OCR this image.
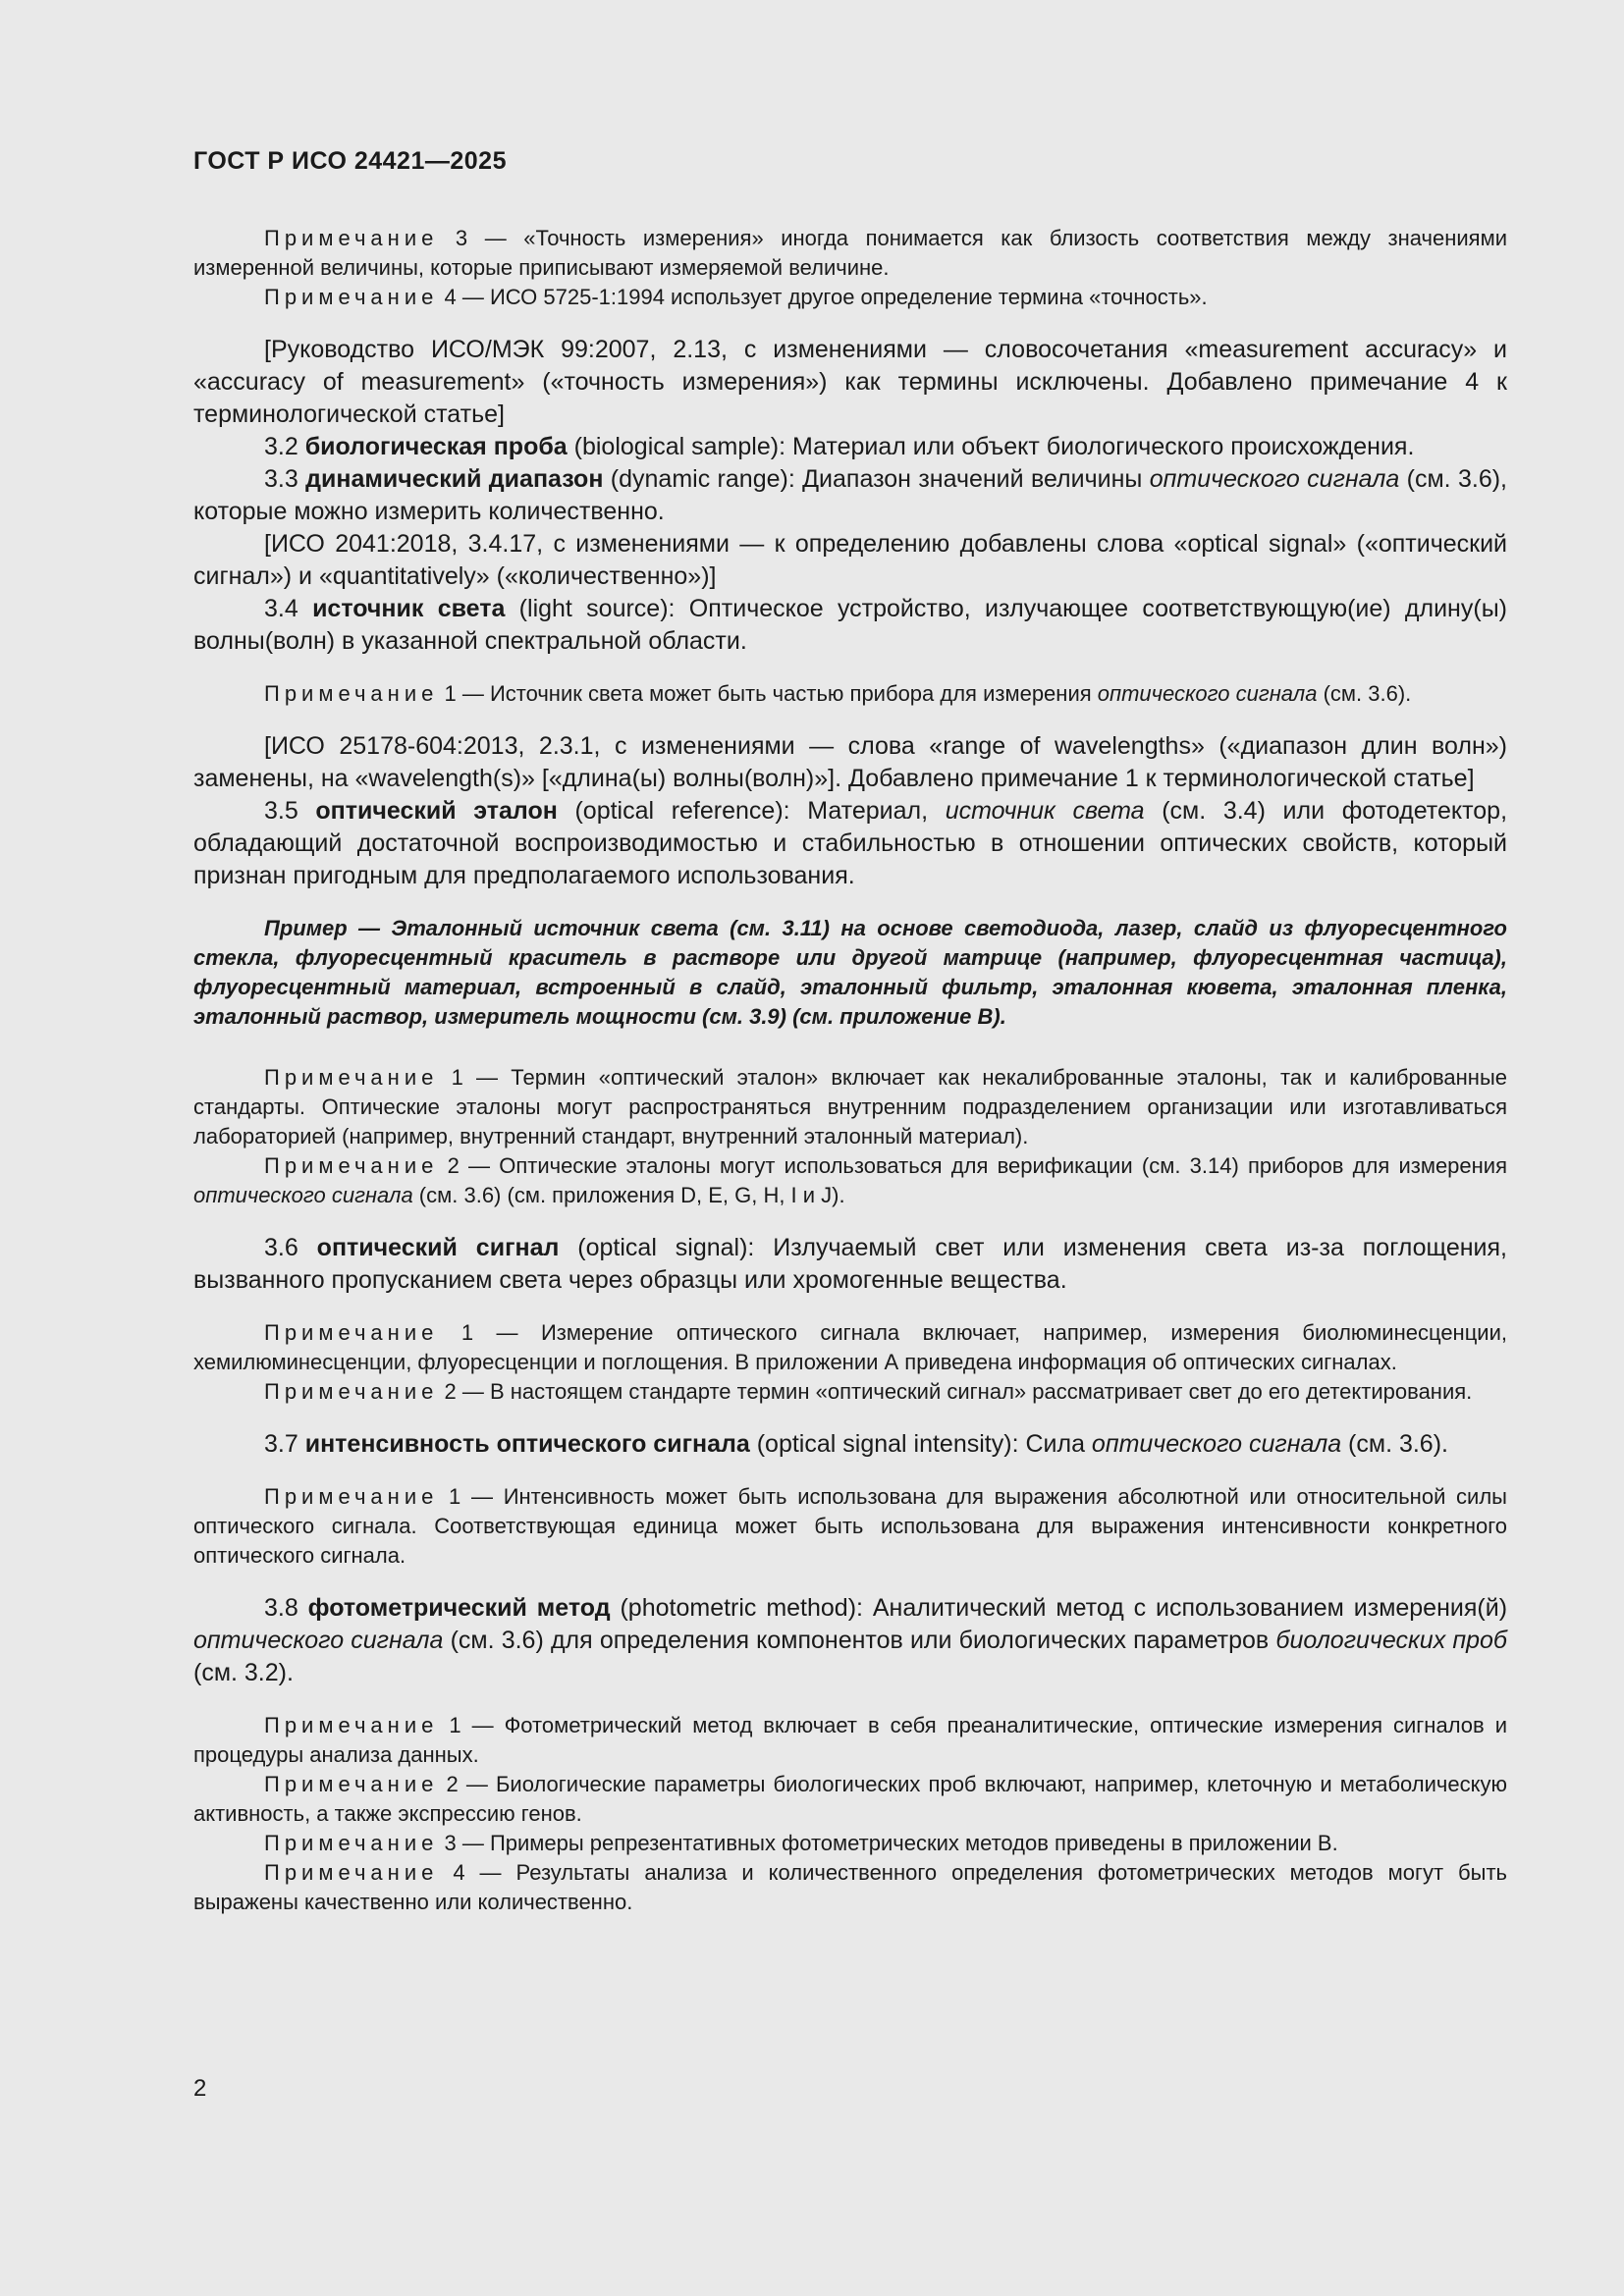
ГОСТ Р ИСО 24421—2025

Примечание 3 — «Точность измерения» иногда понимается как близость соответствия между значениями измеренной величины, которые приписывают измеряемой величине.

Примечание 4 — ИСО 5725-1:1994 использует другое определение термина «точность».

[Руководство ИСО/МЭК 99:2007, 2.13, с изменениями — словосочетания «measurement accuracy» и «accuracy of measurement» («точность измерения») как термины исключены. Добавлено примечание 4 к терминологической статье]

3.2 биологическая проба (biological sample): Материал или объект биологического происхождения.

3.3 динамический диапазон (dynamic range): Диапазон значений величины оптического сигнала (см. 3.6), которые можно измерить количественно.

[ИСО 2041:2018, 3.4.17, с изменениями — к определению добавлены слова «optical signal» («оптический сигнал») и «quantitatively» («количественно»)]

3.4 источник света (light source): Оптическое устройство, излучающее соответствующую(ие) длину(ы) волны(волн) в указанной спектральной области.

Примечание 1 — Источник света может быть частью прибора для измерения оптического сигнала (см. 3.6).

[ИСО 25178-604:2013, 2.3.1, с изменениями — слова «range of wavelengths» («диапазон длин волн») заменены, на «wavelength(s)» [«длина(ы) волны(волн)»]. Добавлено примечание 1 к терминологической статье]

3.5 оптический эталон (optical reference): Материал, источник света (см. 3.4) или фотодетектор, обладающий достаточной воспроизводимостью и стабильностью в отношении оптических свойств, который признан пригодным для предполагаемого использования.

Пример — Эталонный источник света (см. 3.11) на основе светодиода, лазер, слайд из флуоресцентного стекла, флуоресцентный краситель в растворе или другой матрице (например, флуоресцентная частица), флуоресцентный материал, встроенный в слайд, эталонный фильтр, эталонная кювета, эталонная пленка, эталонный раствор, измеритель мощности (см. 3.9) (см. приложение В).

Примечание 1 — Термин «оптический эталон» включает как некалиброванные эталоны, так и калиброванные стандарты. Оптические эталоны могут распространяться внутренним подразделением организации или изготавливаться лабораторией (например, внутренний стандарт, внутренний эталонный материал).

Примечание 2 — Оптические эталоны могут использоваться для верификации (см. 3.14) приборов для измерения оптического сигнала (см. 3.6) (см. приложения D, E, G, H, I и J).

3.6 оптический сигнал (optical signal): Излучаемый свет или изменения света из-за поглощения, вызванного пропусканием света через образцы или хромогенные вещества.

Примечание 1 — Измерение оптического сигнала включает, например, измерения биолюминесценции, хемилюминесценции, флуоресценции и поглощения. В приложении А приведена информация об оптических сигналах.

Примечание 2 — В настоящем стандарте термин «оптический сигнал» рассматривает свет до его детектирования.

3.7 интенсивность оптического сигнала (optical signal intensity): Сила оптического сигнала (см. 3.6).

Примечание 1 — Интенсивность может быть использована для выражения абсолютной или относительной силы оптического сигнала. Соответствующая единица может быть использована для выражения интенсивности конкретного оптического сигнала.

3.8 фотометрический метод (photometric method): Аналитический метод с использованием измерения(й) оптического сигнала (см. 3.6) для определения компонентов или биологических параметров биологических проб (см. 3.2).

Примечание 1 — Фотометрический метод включает в себя преаналитические, оптические измерения сигналов и процедуры анализа данных.

Примечание 2 — Биологические параметры биологических проб включают, например, клеточную и метаболическую активность, а также экспрессию генов.

Примечание 3 — Примеры репрезентативных фотометрических методов приведены в приложении В.

Примечание 4 — Результаты анализа и количественного определения фотометрических методов могут быть выражены качественно или количественно.

2
